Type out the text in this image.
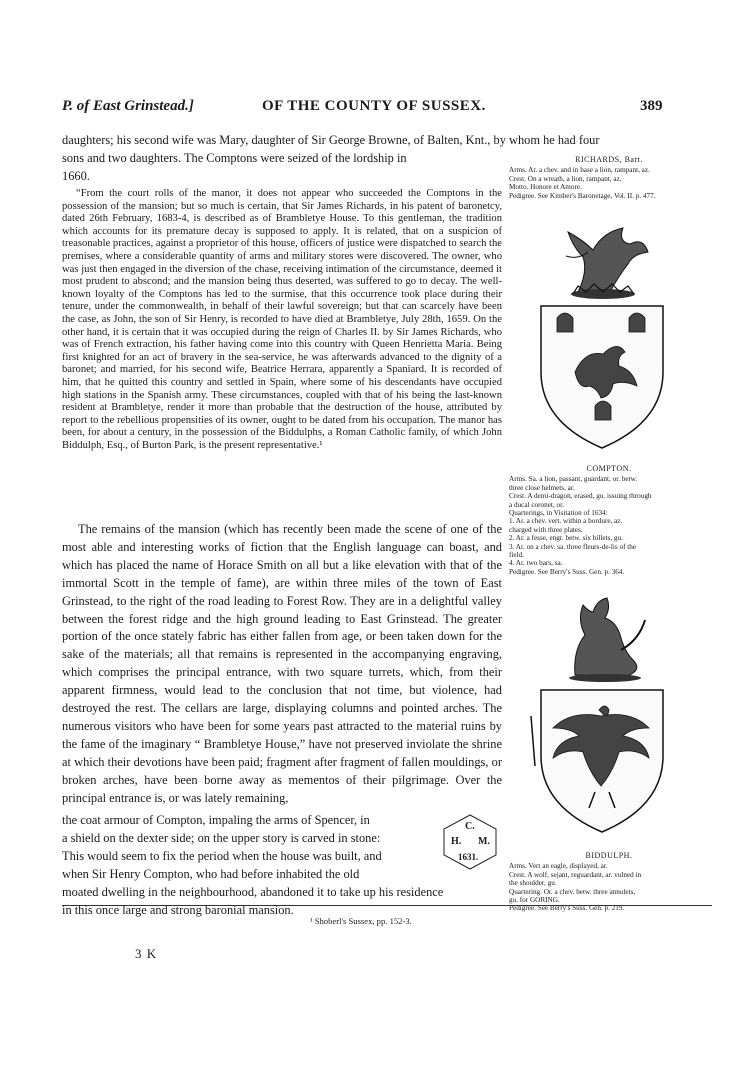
P. of East Grinstead.]	OF THE COUNTY OF SUSSEX.	389
daughters; his second wife was Mary, daughter of Sir George Browne, of Balten, Knt., by whom he had four
sons and two daughters. The Comptons were seized of the lordship in
1660.

“From the court rolls of the manor, it does not appear who succeeded the Comptons in the possession of the mansion; but so much is certain, that Sir James Richards, in his patent of baronetcy, dated 26th February, 1683-4, is described as of Brambletye House. To this gentleman, the tradition which accounts for its premature decay is supposed to apply. It is related, that on a suspicion of treasonable practices, against a proprietor of this house, officers of justice were dispatched to search the premises, where a considerable quantity of arms and military stores were discovered. The owner, who was just then engaged in the diversion of the chase, receiving intimation of the circumstance, deemed it most prudent to abscond; and the mansion being thus deserted, was suffered to go to decay. The well-known loyalty of the Comptons has led to the surmise, that this occurrence took place during their tenure, under the commonwealth, in behalf of their lawful sovereign; but that can scarcely have been the case, as John, the son of Sir Henry, is recorded to have died at Brambletye, July 28th, 1659. On the other hand, it is certain that it was occupied during the reign of Charles II. by Sir James Richards, who was of French extraction, his father having come into this country with Queen Henrietta Maria. Being first knighted for an act of bravery in the sea-service, he was afterwards advanced to the dignity of a baronet; and married, for his second wife, Beatrice Herrara, apparently a Spaniard. It is recorded of him, that he quitted this country and settled in Spain, where some of his descendants have occupied high stations in the Spanish army. These circumstances, coupled with that of his being the last-known resident at Brambletye, render it more than probable that the destruction of the house, attributed by report to the rebellious propensities of its owner, ought to be dated from his occupation. The manor has been, for about a century, in the possession of the Biddulphs, a Roman Catholic family, of which John Biddulph, Esq., of Burton Park, is the present representative.¹

The remains of the mansion (which has recently been made the scene of one of the most able and interesting works of fiction that the English language can boast, and which has placed the name of Horace Smith on all but a like elevation with that of the immortal Scott in the temple of fame), are within three miles of the town of East Grinstead, to the right of the road leading to Forest Row. They are in a delightful valley between the forest ridge and the high ground leading to East Grinstead. The greater portion of the once stately fabric has either fallen from age, or been taken down for the sake of the materials; all that remains is represented in the accompanying engraving, which comprises the principal entrance, with two square turrets, which, from their apparent firmness, would lead to the conclusion that not time, but violence, had destroyed the rest. The cellars are large, displaying columns and pointed arches. The numerous visitors who have been for some years past attracted to the material ruins by the fame of the imaginary “ Brambletye House,” have not preserved inviolate the shrine at which their devotions have been paid; fragment after fragment of fallen mouldings, or broken arches, have been borne away as mementos of their pilgrimage. Over the principal entrance is, or was lately remaining,

the coat armour of Compton, impaling the arms of Spencer, in
a shield on the dexter side; on the upper story is carved in stone:
This would seem to fix the period when the house was built, and
when Sir Henry Compton, who had before inhabited the old
moated dwelling in the neighbourhood, abandoned it to take up his residence
in this once large and strong baronial mansion.
C.
H. M.
1631.
RICHARDS, Bart.
Arms. Ar. a chev. and in base a lion, rampant, az.
Crest. On a wreath, a lion, rampant, az.
Motto. Honore et Amore.
Pedigree. See Kimber's Baronetage, Vol. II. p. 477.
COMPTON.
Arms. Sa. a lion, passant, guardant, or. betw.
three close helmets, ar.
Crest. A demi-dragon, erased, gu. issuing through
a ducal coronet, or.
Quarterings, in Visitation of 1634:
1. Ar. a chev. vert. within a bordure, az.
charged with three plates.
2. Ar. a fesse, engr. betw. six billets, gu.
3. Ar. on a chev. sa. three fleurs-de-lis of the
field.
4. Ar. two bars, sa.
Pedigree. See Berry's Suss. Gen. p. 364.
BIDDULPH.
Arms. Vert an eagle, displayed, ar.
Crest. A wolf, sejant, reguardant, ar. vulned in
the shoulder, gu.
Quartering. Or. a chev. betw. three annulets,
gu. for GORING.
Pedigree. See Berry's Suss. Gen. p. 219.
¹ Shoberl's Sussex, pp. 152-3.
3 K
